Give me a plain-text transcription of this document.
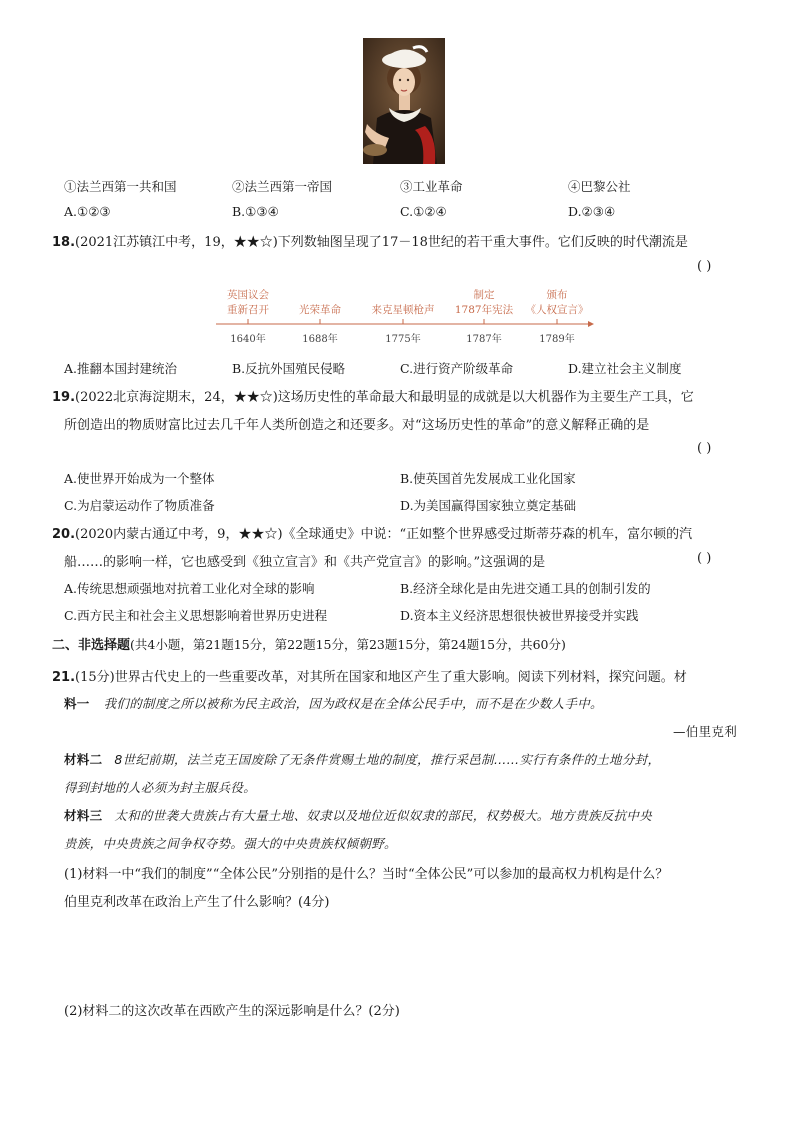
①法兰西第一共和国	②法兰西第一帝国	③工业革命	④巴黎公社
A.①②③	B.①③④	C.①②④	D.②③④
18.(2021江苏镇江中考，19，★★☆)下列数轴图呈现了17－18世纪的若干重大事件。它们反映的时代潮流是
( )
英国议会
重新召开
1640年
光荣革命
1688年
来克星顿枪声
1775年
制定
1787年宪法
1787年
颁布
《人权宣言》
1789年
A.推翻本国封建统治	B.反抗外国殖民侵略	C.进行资产阶级革命	D.建立社会主义制度
19.(2022北京海淀期末，24，★★☆)这场历史性的革命最大和最明显的成就是以大机器作为主要生产工具，它
所创造出的物质财富比过去几千年人类所创造之和还要多。对“这场历史性的革命”的意义解释正确的是
( )
A.使世界开始成为一个整体	B.使英国首先发展成工业化国家
C.为启蒙运动作了物质准备	D.为美国赢得国家独立奠定基础
20.(2020内蒙古通辽中考，9，★★☆)《全球通史》中说：“正如整个世界感受过斯蒂芬森的机车，富尔顿的汽
船……的影响一样，它也感受到《独立宣言》和《共产党宣言》的影响。”这强调的是	( )
A.传统思想顽强地对抗着工业化对全球的影响	B.经济全球化是由先进交通工具的创制引发的
C.西方民主和社会主义思想影响着世界历史进程	D.资本主义经济思想很快被世界接受并实践
二、非选择题(共4小题，第21题15分，第22题15分，第23题15分，第24题15分，共60分)
21.(15分)世界古代史上的一些重要改革，对其所在国家和地区产生了重大影响。阅读下列材料，探究问题。材
料一 我们的制度之所以被称为民主政治，因为政权是在全体公民手中，而不是在少数人手中。
—伯里克利
材料二 8世纪前期，法兰克王国废除了无条件赏赐土地的制度，推行采邑制……实行有条件的土地分封，
得到封地的人必须为封主服兵役。
材料三 太和的世袭大贵族占有大量土地、奴隶以及地位近似奴隶的部民，权势极大。地方贵族反抗中央
贵族，中央贵族之间争权夺势。强大的中央贵族权倾朝野。
(1)材料一中“我们的制度”“全体公民”分别指的是什么？当时“全体公民”可以参加的最高权力机构是什么？
伯里克利改革在政治上产生了什么影响？(4分)
(2)材料二的这次改革在西欧产生的深远影响是什么？(2分)
